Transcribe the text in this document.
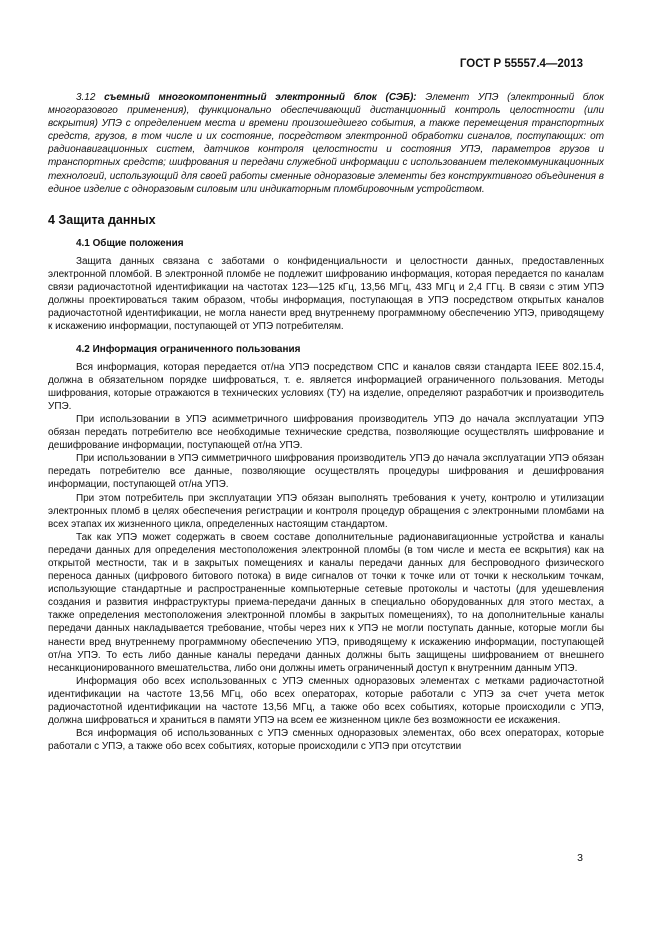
ГОСТ Р 55557.4—2013

3.12 съемный многокомпонентный электронный блок (СЭБ): Элемент УПЭ (электронный блок многоразового применения), функционально обеспечивающий дистанционный контроль целостности (или вскрытия) УПЭ с определением места и времени произошедшего события, а также перемещения транспортных средств, грузов, в том числе и их состояние, посредством электронной обработки сигналов, поступающих: от радионавигационных систем, датчиков контроля целостности и состояния УПЭ, параметров грузов и транспортных средств; шифрования и передачи служебной информации с использованием телекоммуникационных технологий, использующий для своей работы сменные одноразовые элементы без конструктивного объединения в единое изделие с одноразовым силовым или индикаторным пломбировочным устройством.

4 Защита данных

4.1 Общие положения

Защита данных связана с заботами о конфиденциальности и целостности данных, предоставленных электронной пломбой. В электронной пломбе не подлежит шифрованию информация, которая передается по каналам связи радиочастотной идентификации на частотах 123—125 кГц, 13,56 МГц, 433 МГц и 2,4 ГГц. В связи с этим УПЭ должны проектироваться таким образом, чтобы информация, поступающая в УПЭ посредством открытых каналов радиочастотной идентификации, не могла нанести вред внутреннему программному обеспечению УПЭ, приводящему к искажению информации, поступающей от УПЭ потребителям.

4.2 Информация ограниченного пользования

Вся информация, которая передается от/на УПЭ посредством СПС и каналов связи стандарта IEEE 802.15.4, должна в обязательном порядке шифроваться, т. е. является информацией ограниченного пользования. Методы шифрования, которые отражаются в технических условиях (ТУ) на изделие, определяют разработчик и производитель УПЭ.

При использовании в УПЭ асимметричного шифрования производитель УПЭ до начала эксплуатации УПЭ обязан передать потребителю все необходимые технические средства, позволяющие осуществлять шифрование и дешифрование информации, поступающей от/на УПЭ.

При использовании в УПЭ симметричного шифрования производитель УПЭ до начала эксплуатации УПЭ обязан передать потребителю все данные, позволяющие осуществлять процедуры шифрования и дешифрования информации, поступающей от/на УПЭ.

При этом потребитель при эксплуатации УПЭ обязан выполнять требования к учету, контролю и утилизации электронных пломб в целях обеспечения регистрации и контроля процедур обращения с электронными пломбами на всех этапах их жизненного цикла, определенных настоящим стандартом.

Так как УПЭ может содержать в своем составе дополнительные радионавигационные устройства и каналы передачи данных для определения местоположения электронной пломбы (в том числе и места ее вскрытия) как на открытой местности, так и в закрытых помещениях и каналы передачи данных для беспроводного физического переноса данных (цифрового битового потока) в виде сигналов от точки к точке или от точки к нескольким точкам, использующие стандартные и распространенные компьютерные сетевые протоколы и частоты (для удешевления создания и развития инфраструктуры приема-передачи данных в специально оборудованных для этого местах, а также определения местоположения электронной пломбы в закрытых помещениях), то на дополнительные каналы передачи данных накладывается требование, чтобы через них к УПЭ не могли поступать данные, которые могли бы нанести вред внутреннему программному обеспечению УПЭ, приводящему к искажению информации, поступающей от/на УПЭ. То есть либо данные каналы передачи данных должны быть защищены шифрованием от внешнего несанкционированного вмешательства, либо они должны иметь ограниченный доступ к внутренним данным УПЭ.

Информация обо всех использованных с УПЭ сменных одноразовых элементах с метками радиочастотной идентификации на частоте 13,56 МГц, обо всех операторах, которые работали с УПЭ за счет учета меток радиочастотной идентификации на частоте 13,56 МГц, а также обо всех событиях, которые происходили с УПЭ, должна шифроваться и храниться в памяти УПЭ на всем ее жизненном цикле без возможности ее искажения.

Вся информация об использованных с УПЭ сменных одноразовых элементах, обо всех операторах, которые работали с УПЭ, а также обо всех событиях, которые происходили с УПЭ при отсутствии

3
